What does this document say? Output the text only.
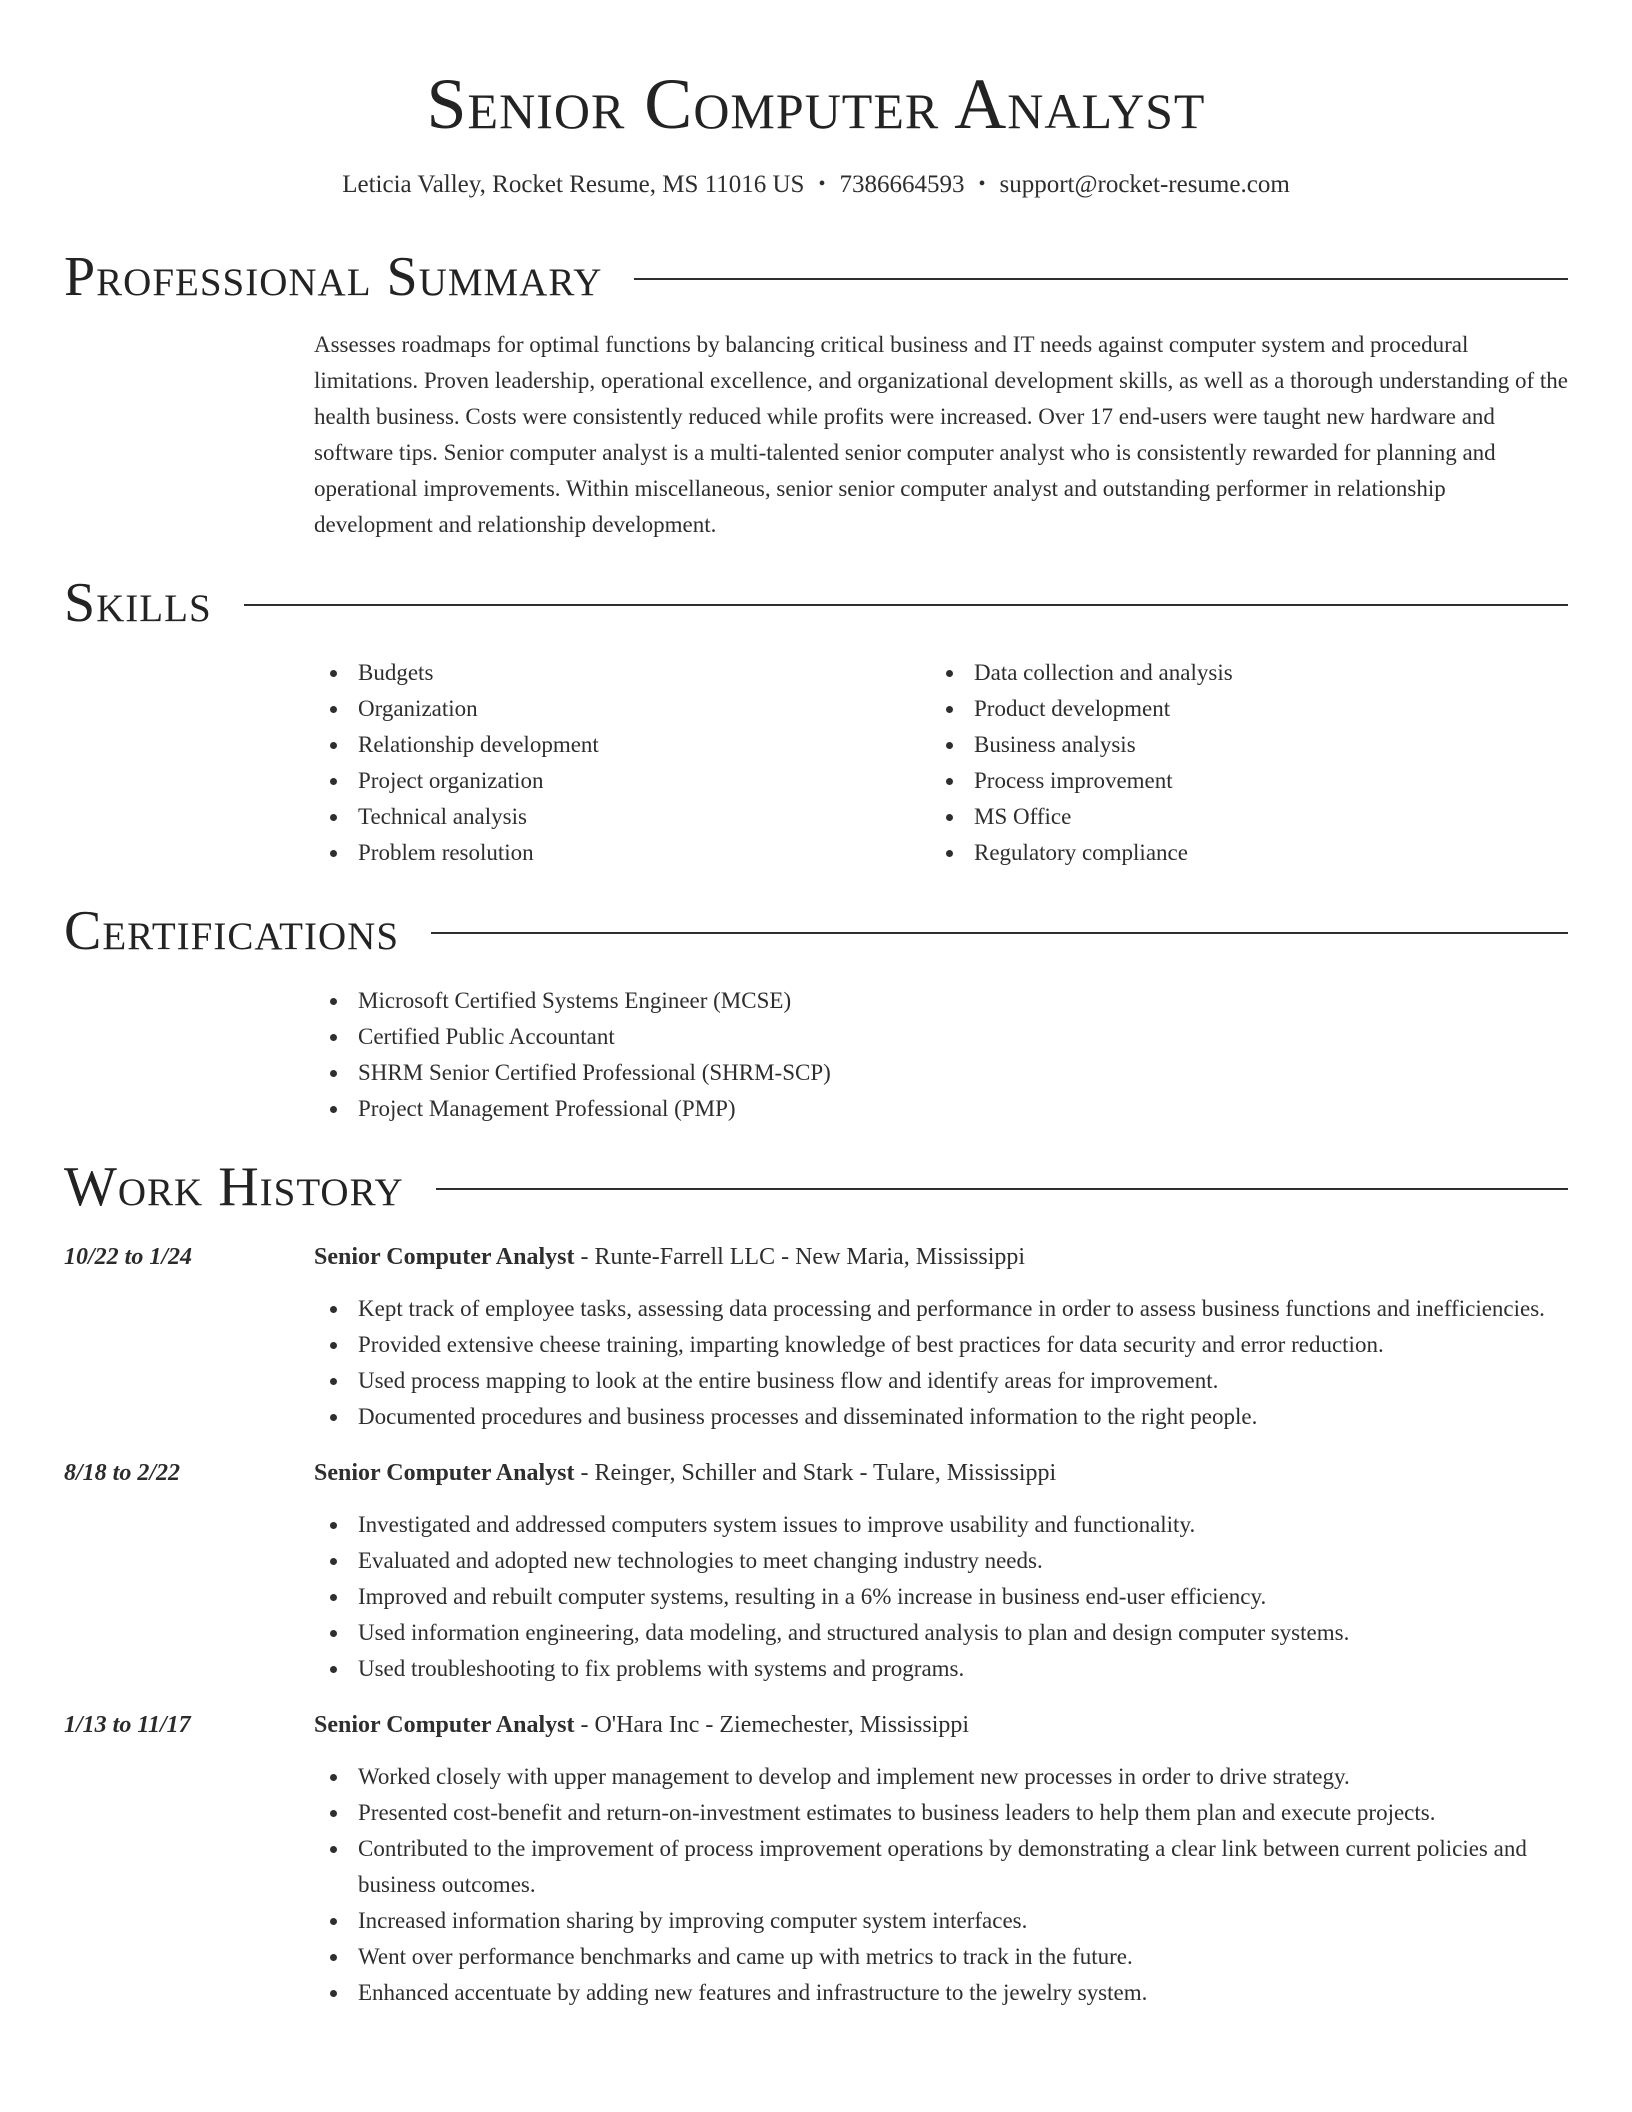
Senior Computer Analyst
Leticia Valley, Rocket Resume, MS 11016 US • 7386664593 • support@rocket-resume.com
Professional Summary

Assesses roadmaps for optimal functions by balancing critical business and IT needs against computer system and procedural limitations. Proven leadership, operational excellence, and organizational development skills, as well as a thorough understanding of the health business. Costs were consistently reduced while profits were increased. Over 17 end-users were taught new hardware and software tips. Senior computer analyst is a multi-talented senior computer analyst who is consistently rewarded for planning and operational improvements. Within miscellaneous, senior senior computer analyst and outstanding performer in relationship development and relationship development.

Skills
Budgets
Organization
Relationship development
Project organization
Technical analysis
Problem resolution
Data collection and analysis
Product development
Business analysis
Process improvement
MS Office
Regulatory compliance
Certifications
Microsoft Certified Systems Engineer (MCSE)
Certified Public Accountant
SHRM Senior Certified Professional (SHRM-SCP)
Project Management Professional (PMP)
Work History
10/22 to 1/24	Senior Computer Analyst - Runte-Farrell LLC - New Maria, Mississippi
Kept track of employee tasks, assessing data processing and performance in order to assess business functions and inefficiencies.
Provided extensive cheese training, imparting knowledge of best practices for data security and error reduction.
Used process mapping to look at the entire business flow and identify areas for improvement.
Documented procedures and business processes and disseminated information to the right people.
8/18 to 2/22	Senior Computer Analyst - Reinger, Schiller and Stark - Tulare, Mississippi
Investigated and addressed computers system issues to improve usability and functionality.
Evaluated and adopted new technologies to meet changing industry needs.
Improved and rebuilt computer systems, resulting in a 6% increase in business end-user efficiency.
Used information engineering, data modeling, and structured analysis to plan and design computer systems.
Used troubleshooting to fix problems with systems and programs.
1/13 to 11/17	Senior Computer Analyst - O'Hara Inc - Ziemechester, Mississippi
Worked closely with upper management to develop and implement new processes in order to drive strategy.
Presented cost-benefit and return-on-investment estimates to business leaders to help them plan and execute projects.
Contributed to the improvement of process improvement operations by demonstrating a clear link between current policies and business outcomes.
Increased information sharing by improving computer system interfaces.
Went over performance benchmarks and came up with metrics to track in the future.
Enhanced accentuate by adding new features and infrastructure to the jewelry system.
